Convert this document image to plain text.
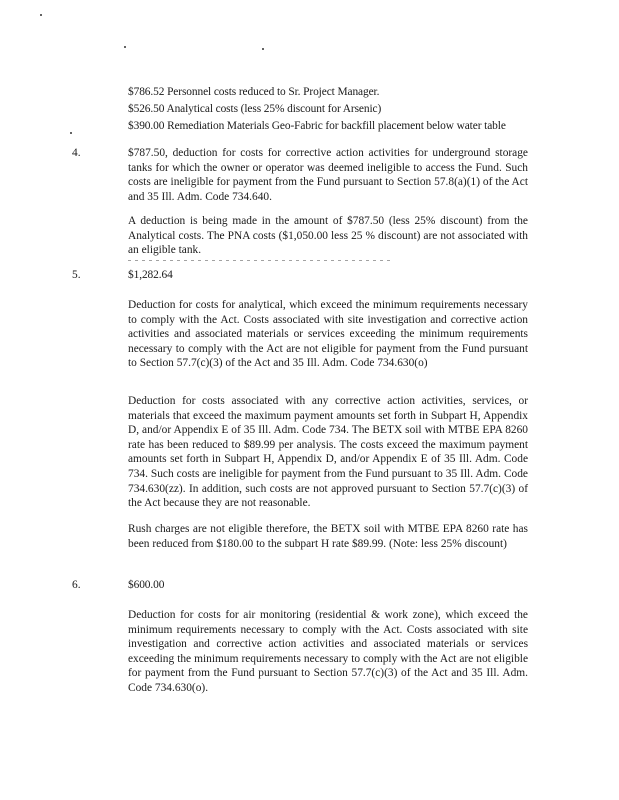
$786.52 Personnel costs reduced to Sr. Project Manager.
$526.50 Analytical costs (less 25% discount for Arsenic)
$390.00 Remediation Materials Geo-Fabric for backfill placement below water table
4.	$787.50, deduction for costs for corrective action activities for underground storage tanks for which the owner or operator was deemed ineligible to access the Fund. Such costs are ineligible for payment from the Fund pursuant to Section 57.8(a)(1) of the Act and 35 Ill. Adm. Code 734.640.

A deduction is being made in the amount of $787.50 (less 25% discount) from the Analytical costs. The PNA costs ($1,050.00 less 25 % discount) are not associated with an eligible tank.

5.	$1,282.64

Deduction for costs for analytical, which exceed the minimum requirements necessary to comply with the Act. Costs associated with site investigation and corrective action activities and associated materials or services exceeding the minimum requirements necessary to comply with the Act are not eligible for payment from the Fund pursuant to Section 57.7(c)(3) of the Act and 35 Ill. Adm. Code 734.630(o)

Deduction for costs associated with any corrective action activities, services, or materials that exceed the maximum payment amounts set forth in Subpart H, Appendix D, and/or Appendix E of 35 Ill. Adm. Code 734. The BETX soil with MTBE EPA 8260 rate has been reduced to $89.99 per analysis. The costs exceed the maximum payment amounts set forth in Subpart H, Appendix D, and/or Appendix E of 35 Ill. Adm. Code 734. Such costs are ineligible for payment from the Fund pursuant to 35 Ill. Adm. Code 734.630(zz). In addition, such costs are not approved pursuant to Section 57.7(c)(3) of the Act because they are not reasonable.

Rush charges are not eligible therefore, the BETX soil with MTBE EPA 8260 rate has been reduced from $180.00 to the subpart H rate $89.99. (Note: less 25% discount)

6.	$600.00

Deduction for costs for air monitoring (residential & work zone), which exceed the minimum requirements necessary to comply with the Act. Costs associated with site investigation and corrective action activities and associated materials or services exceeding the minimum requirements necessary to comply with the Act are not eligible for payment from the Fund pursuant to Section 57.7(c)(3) of the Act and 35 Ill. Adm. Code 734.630(o).
